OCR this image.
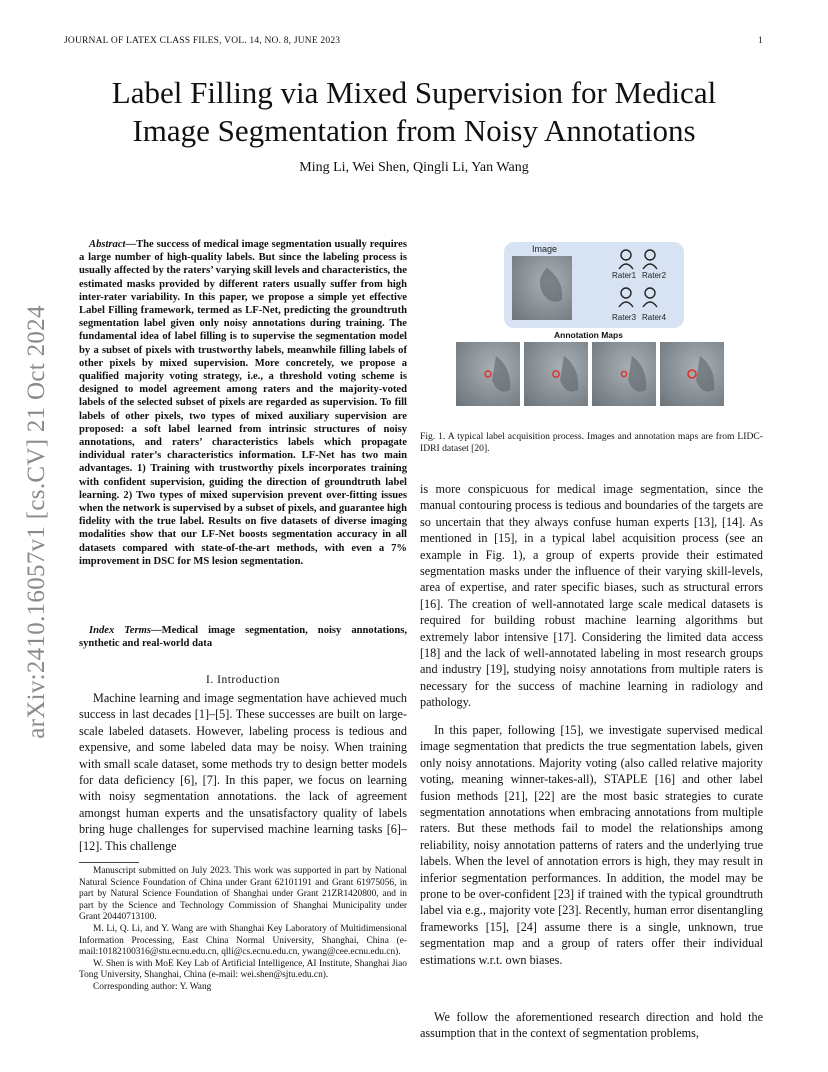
JOURNAL OF LATEX CLASS FILES, VOL. 14, NO. 8, JUNE 2023	1
arXiv:2410.16057v1 [cs.CV] 21 Oct 2024
Label Filling via Mixed Supervision for Medical
Image Segmentation from Noisy Annotations
Ming Li, Wei Shen, Qingli Li, Yan Wang
Abstract—The success of medical image segmentation usually requires a large number of high-quality labels. But since the labeling process is usually affected by the raters’ varying skill levels and characteristics, the estimated masks provided by different raters usually suffer from high inter-rater variability. In this paper, we propose a simple yet effective Label Filling framework, termed as LF-Net, predicting the groundtruth segmentation label given only noisy annotations during training. The fundamental idea of label filling is to supervise the segmentation model by a subset of pixels with trustworthy labels, meanwhile filling labels of other pixels by mixed supervision. More concretely, we propose a qualified majority voting strategy, i.e., a threshold voting scheme is designed to model agreement among raters and the majority-voted labels of the selected subset of pixels are regarded as supervision. To fill labels of other pixels, two types of mixed auxiliary supervision are proposed: a soft label learned from intrinsic structures of noisy annotations, and raters’ characteristics labels which propagate individual rater’s characteristics information. LF-Net has two main advantages. 1) Training with trustworthy pixels incorporates training with confident supervision, guiding the direction of groundtruth label learning. 2) Two types of mixed supervision prevent over-fitting issues when the network is supervised by a subset of pixels, and guarantee high fidelity with the true label. Results on five datasets of diverse imaging modalities show that our LF-Net boosts segmentation accuracy in all datasets compared with state-of-the-art methods, with even a 7% improvement in DSC for MS lesion segmentation.
Index Terms—Medical image segmentation, noisy annotations, synthetic and real-world data
I. Introduction

Machine learning and image segmentation have achieved much success in last decades [1]–[5]. These successes are built on large-scale labeled datasets. However, labeling process is tedious and expensive, and some labeled data may be noisy. When training with small scale dataset, some methods try to design better models for data deficiency [6], [7]. In this paper, we focus on learning with noisy segmentation annotations. the lack of agreement amongst human experts and the unsatisfactory quality of labels bring huge challenges for supervised machine learning tasks [6]–[12]. This challenge

Manuscript submitted on July 2023. This work was supported in part by National Natural Science Foundation of China under Grant 62101191 and Grant 61975056, in part by Natural Science Foundation of Shanghai under Grant 21ZR1420800, and in part by the Science and Technology Commission of Shanghai Municipality under Grant 20440713100.

M. Li, Q. Li, and Y. Wang are with Shanghai Key Laboratory of Multidimensional Information Processing, East China Normal University, Shanghai, China (e-mail:10182100316@stu.ecnu.edu.cn, qlli@cs.ecnu.edu.cn, ywang@cee.ecnu.edu.cn).

W. Shen is with MoE Key Lab of Artificial Intelligence, AI Institute, Shanghai Jiao Tong University, Shanghai, China (e-mail: wei.shen@sjtu.edu.cn).

Corresponding author: Y. Wang

Image
Rater1 Rater2
Rater3 Rater4
Annotation Maps

Fig. 1. A typical label acquisition process. Images and annotation maps are from LIDC-IDRI dataset [20].

is more conspicuous for medical image segmentation, since the manual contouring process is tedious and boundaries of the targets are so uncertain that they always confuse human experts [13], [14]. As mentioned in [15], in a typical label acquisition process (see an example in Fig. 1), a group of experts provide their estimated segmentation masks under the influence of their varying skill-levels, area of expertise, and rater specific biases, such as structural errors [16]. The creation of well-annotated large scale medical datasets is required for building robust machine learning algorithms but extremely labor intensive [17]. Considering the limited data access [18] and the lack of well-annotated labeling in most research groups and industry [19], studying noisy annotations from multiple raters is necessary for the success of machine learning in radiology and pathology.

In this paper, following [15], we investigate supervised medical image segmentation that predicts the true segmentation labels, given only noisy annotations. Majority voting (also called relative majority voting, meaning winner-takes-all), STAPLE [16] and other label fusion methods [21], [22] are the most basic strategies to curate segmentation annotations when embracing annotations from multiple raters. But these methods fail to model the relationships among reliability, noisy annotation patterns of raters and the underlying true labels. When the level of annotation errors is high, they may result in inferior segmentation performances. In addition, the model may be prone to be over-confident [23] if trained with the typical groundtruth label via e.g., majority vote [23]. Recently, human error disentangling frameworks [15], [24] assume there is a single, unknown, true segmentation map and a group of raters offer their individual estimations w.r.t. own biases.

We follow the aforementioned research direction and hold the assumption that in the context of segmentation problems,
